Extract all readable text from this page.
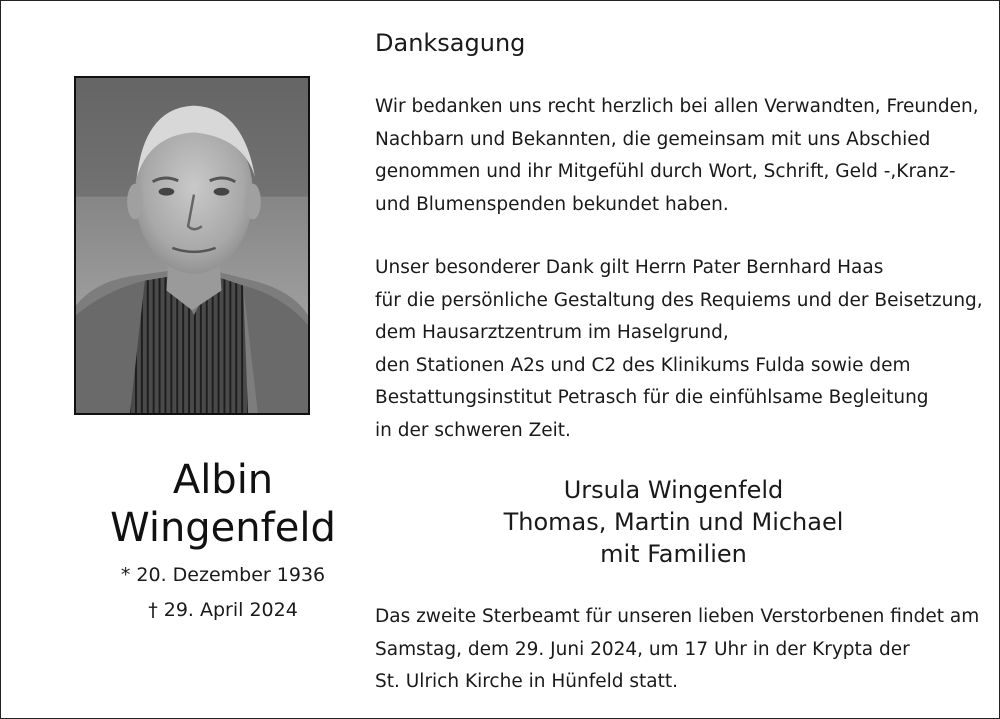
Albin
Wingenfeld
* 20. Dezember 1936
† 29. April 2024
Danksagung
Wir bedanken uns recht herzlich bei allen Verwandten, Freunden,
Nachbarn und Bekannten, die gemeinsam mit uns Abschied
genommen und ihr Mitgefühl durch Wort, Schrift, Geld -,Kranz-
und Blumenspenden bekundet haben.
Unser besonderer Dank gilt Herrn Pater Bernhard Haas
für die persönliche Gestaltung des Requiems und der Beisetzung,
dem Hausarztzentrum im Haselgrund,
den Stationen A2s und C2 des Klinikums Fulda sowie dem
Bestattungsinstitut Petrasch für die einfühlsame Begleitung
in der schweren Zeit.
Ursula Wingenfeld
Thomas, Martin und Michael
mit Familien
Das zweite Sterbeamt für unseren lieben Verstorbenen findet am
Samstag, dem 29. Juni 2024, um 17 Uhr in der Krypta der
St. Ulrich Kirche in Hünfeld statt.
